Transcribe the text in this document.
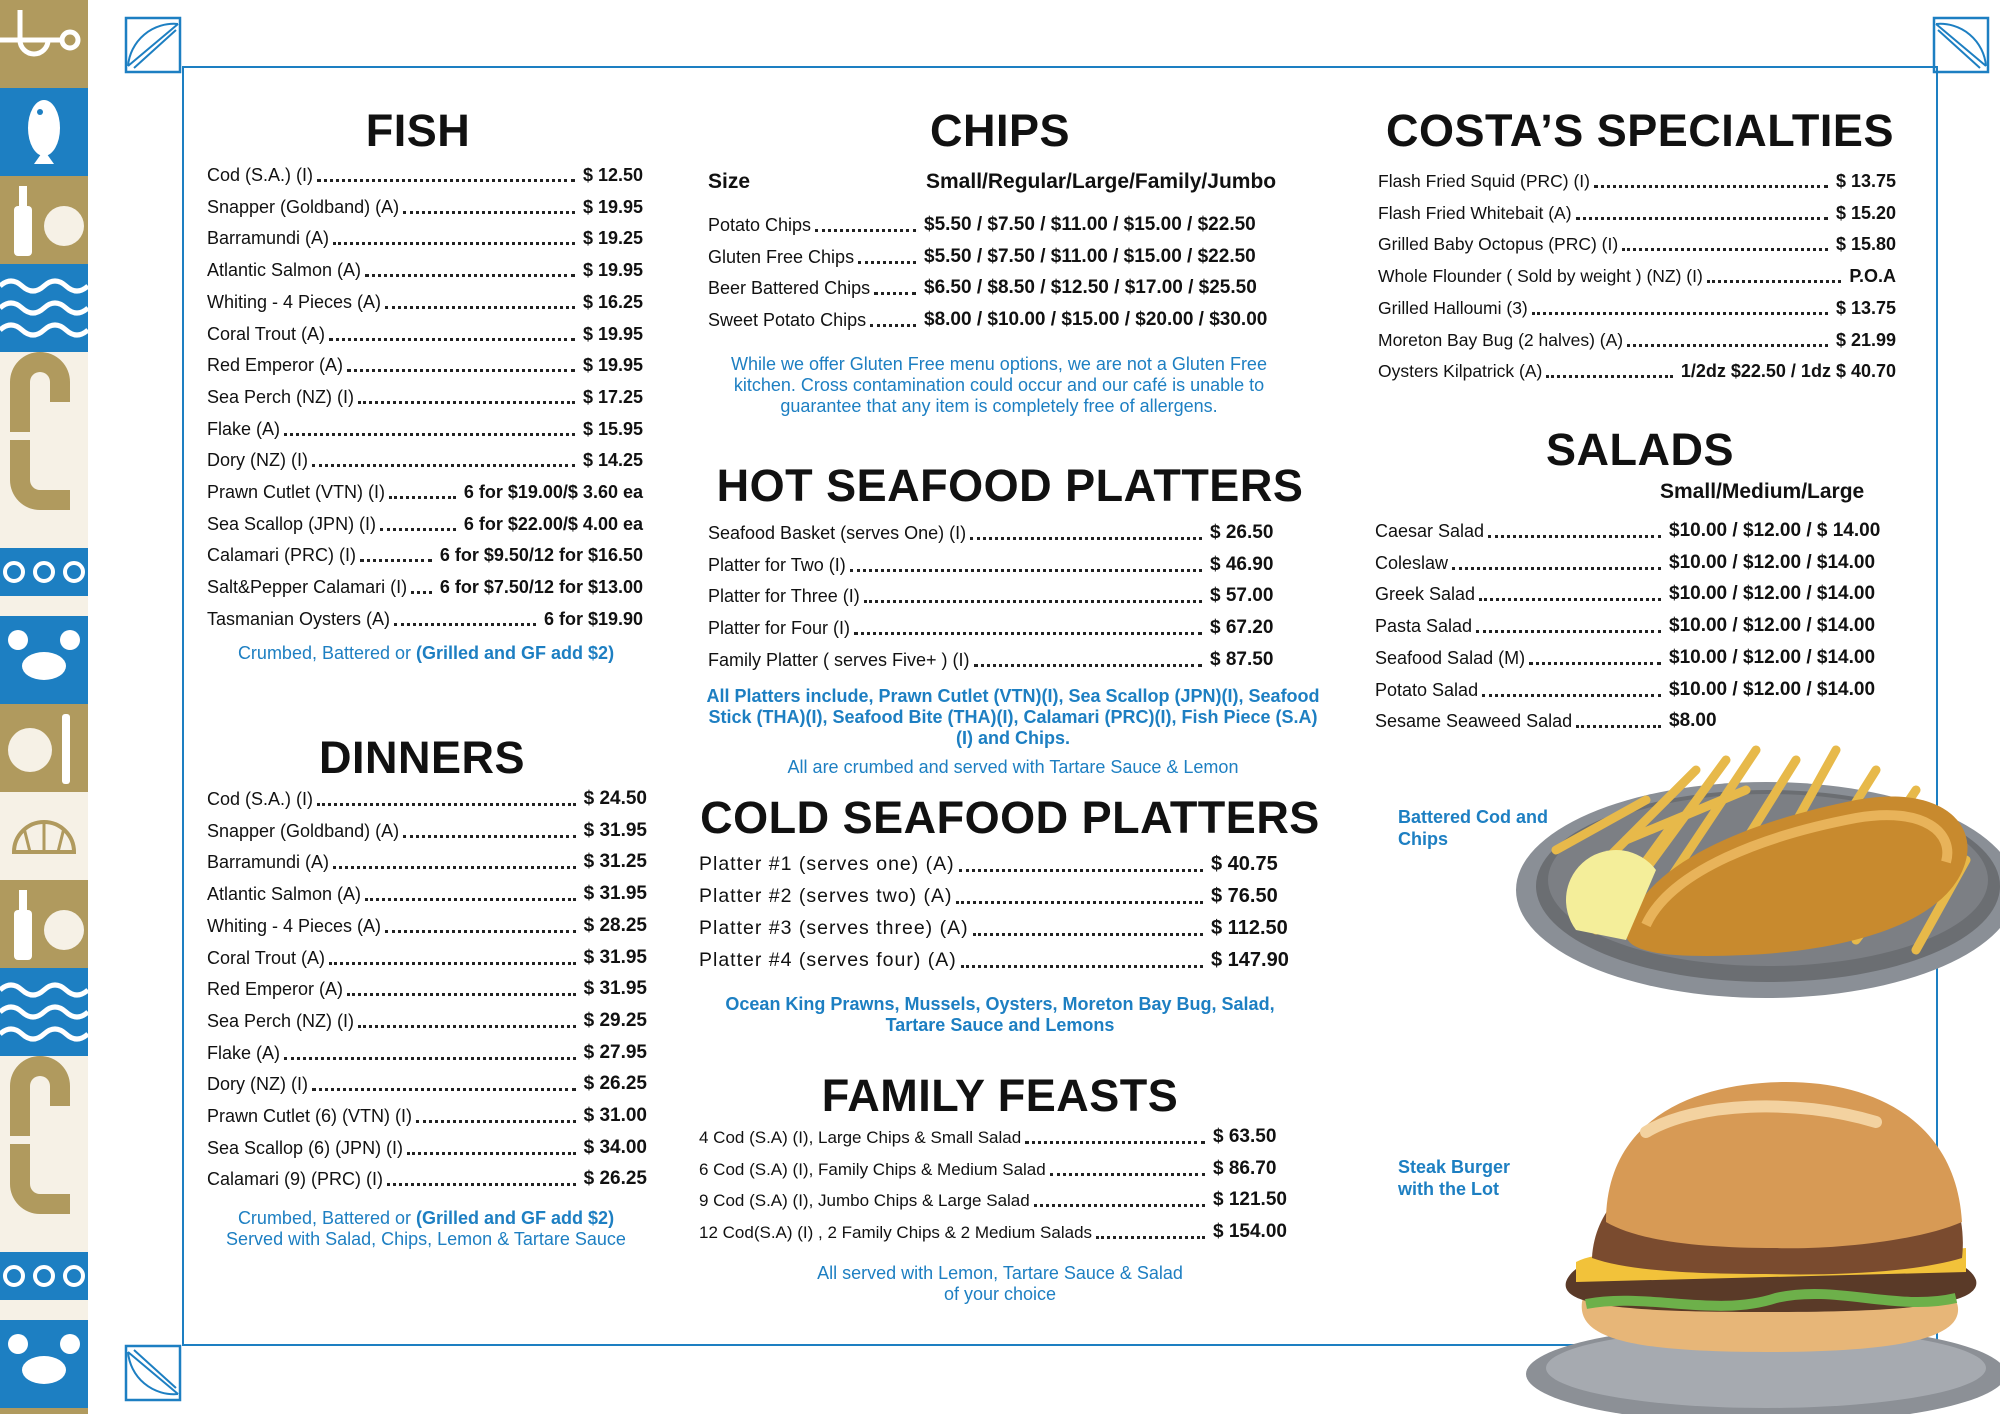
FISH
Cod (S.A.) (I)	$ 12.50
Snapper (Goldband) (A)	$ 19.95
Barramundi (A)	$ 19.25
Atlantic Salmon (A)	$ 19.95
Whiting - 4 Pieces (A)	$ 16.25
Coral Trout (A)	$ 19.95
Red Emperor (A)	$ 19.95
Sea Perch (NZ) (I)	$ 17.25
Flake (A)	$ 15.95
Dory (NZ) (I)	$ 14.25
Prawn Cutlet (VTN) (I)	6 for $19.00/$ 3.60 ea
Sea Scallop (JPN) (I)	6 for $22.00/$ 4.00 ea
Calamari (PRC) (I)	6 for $9.50/12 for $16.50
Salt&Pepper Calamari (I) 6 for $7.50/12 for $13.00
Tasmanian Oysters (A)	6 for $19.90
Crumbed, Battered or (Grilled and GF add $2)
DINNERS
Cod (S.A.) (I)	$ 24.50
Snapper (Goldband) (A)	$ 31.95
Barramundi (A)	$ 31.25
Atlantic Salmon (A)	$ 31.95
Whiting - 4 Pieces (A)	$ 28.25
Coral Trout (A)	$ 31.95
Red Emperor (A)	$ 31.95
Sea Perch (NZ) (I)	$ 29.25
Flake (A)	$ 27.95
Dory (NZ) (I)	$ 26.25
Prawn Cutlet (6) (VTN) (I)	$ 31.00
Sea Scallop (6) (JPN) (I)	$ 34.00
Calamari (9) (PRC) (I)	$ 26.25
Crumbed, Battered or (Grilled and GF add $2)
Served with Salad, Chips, Lemon & Tartare Sauce
CHIPS
Size	Small/Regular/Large/Family/Jumbo
Potato Chips	$5.50 / $7.50 / $11.00 / $15.00 / $22.50
Gluten Free Chips	$5.50 / $7.50 / $11.00 / $15.00 / $22.50
Beer Battered Chips	$6.50 / $8.50 / $12.50 / $17.00 / $25.50
Sweet Potato Chips	$8.00 / $10.00 / $15.00 / $20.00 / $30.00
While we offer Gluten Free menu options, we are not a Gluten Free kitchen. Cross contamination could occur and our café is unable to guarantee that any item is completely free of allergens.
HOT SEAFOOD PLATTERS
Seafood Basket (serves One) (I)	$ 26.50
Platter for Two (I)	$ 46.90
Platter for Three (I)	$ 57.00
Platter for Four (I)	$ 67.20
Family Platter ( serves Five+ ) (I)	$ 87.50
All Platters include, Prawn Cutlet (VTN)(I), Sea Scallop (JPN)(I), Seafood Stick (THA)(I), Seafood Bite (THA)(I), Calamari (PRC)(I), Fish Piece (S.A)(I) and Chips.
All are crumbed and served with Tartare Sauce & Lemon
COLD SEAFOOD PLATTERS
Platter #1 (serves one) (A)	$ 40.75
Platter #2 (serves two) (A)	$ 76.50
Platter #3 (serves three) (A)	$ 112.50
Platter #4 (serves four) (A)	$ 147.90
Ocean King Prawns, Mussels, Oysters, Moreton Bay Bug, Salad, Tartare Sauce and Lemons
FAMILY FEASTS
4 Cod (S.A) (I), Large Chips & Small Salad	$ 63.50
6 Cod (S.A) (I), Family Chips & Medium Salad	$ 86.70
9 Cod (S.A) (I), Jumbo Chips & Large Salad	$ 121.50
12 Cod(S.A) (I) , 2 Family Chips & 2 Medium Salads	$ 154.00
All served with Lemon, Tartare Sauce & Salad of your choice
COSTA’S SPECIALTIES
Flash Fried Squid (PRC) (I)	$ 13.75
Flash Fried Whitebait (A)	$ 15.20
Grilled Baby Octopus (PRC) (I)	$ 15.80
Whole Flounder ( Sold by weight ) (NZ) (I)	P.O.A
Grilled Halloumi (3)	$ 13.75
Moreton Bay Bug (2 halves) (A)	$ 21.99
Oysters Kilpatrick (A)	1/2dz $22.50 / 1dz $ 40.70
SALADS
Small/Medium/Large
Caesar Salad	$10.00 / $12.00 / $ 14.00
Coleslaw	$10.00 / $12.00 / $14.00
Greek Salad	$10.00 / $12.00 / $14.00
Pasta Salad	$10.00 / $12.00 / $14.00
Seafood Salad (M)	$10.00 / $12.00 / $14.00
Potato Salad	$10.00 / $12.00 / $14.00
Sesame Seaweed Salad	$8.00
Battered Cod and Chips
Steak Burger with the Lot
